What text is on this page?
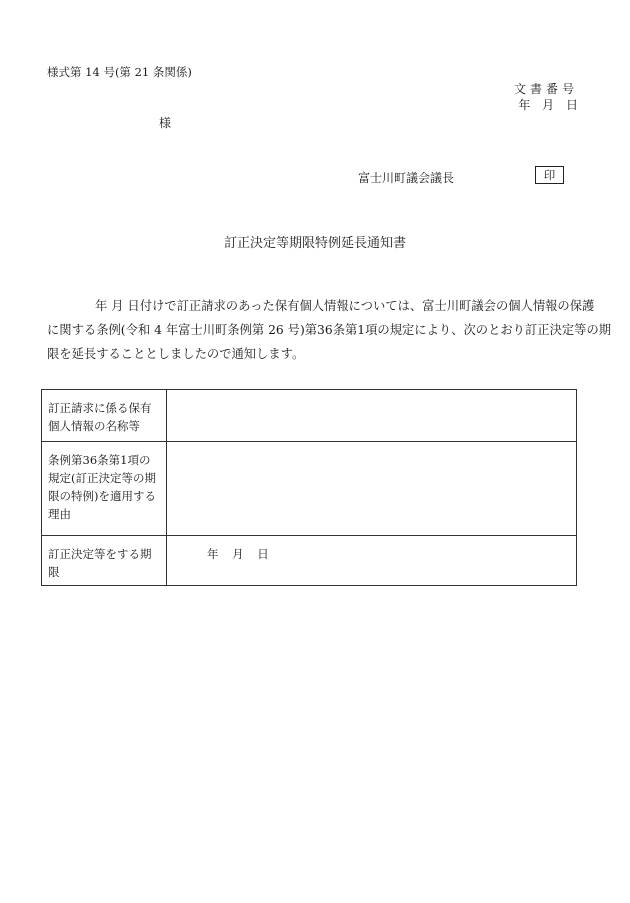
様式第 14 号(第 21 条関係)
文書番号
年 月 日
様
富士川町議会議長	印
訂正決定等期限特例延長通知書
年 月 日付けで訂正請求のあった保有個人情報については、富士川町議会の個人情報の保護
に関する条例(令和 4 年富士川町条例第 26 号)第36条第1項の規定により、次のとおり訂正決定等の期
限を延長することとしましたので通知します。
訂正請求に係る保有
個人情報の名称等	

条例第36条第1項の
規定(訂正決定等の期
限の特例)を適用する
理由	

訂正決定等をする期
限	年 月 日
